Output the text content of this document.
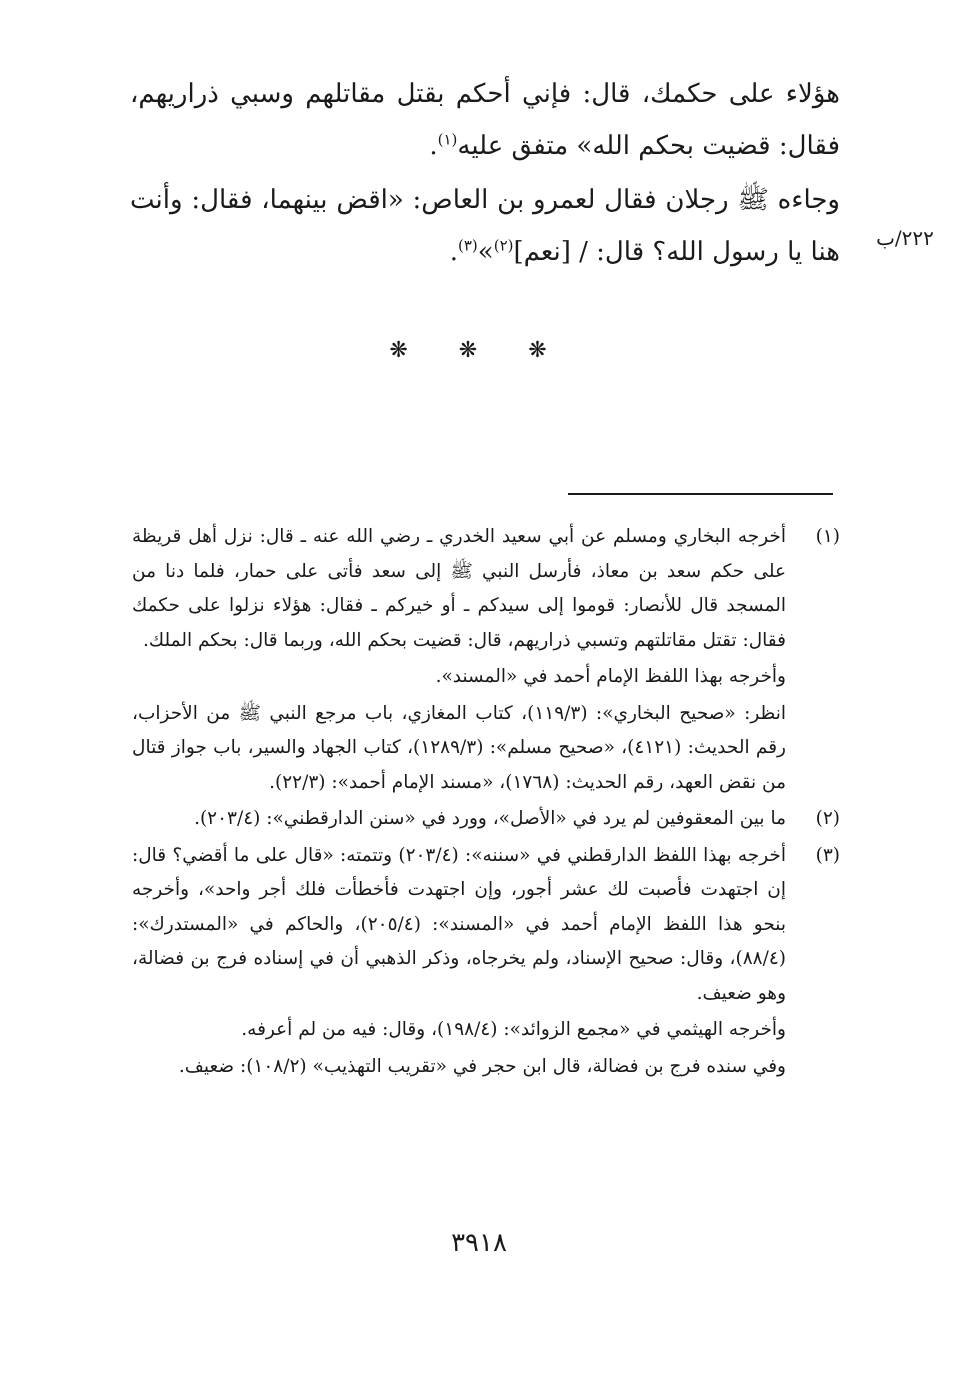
هؤلاء على حكمك، قال: فإني أحكم بقتل مقاتلهم وسبي ذراريهم، فقال: قضيت بحكم الله» متفق عليه$^{(١)}$.

وجاءه ﷺ رجلان فقال لعمرو بن العاص: «اقض بينهما، فقال: وأنت هنا يا رسول الله؟ قال: / [نعم]$^{(٢)}$»$^{(٣)}$.	٢٢٢/ب
❋ ❋ ❋
(١)

أخرجه البخاري ومسلم عن أبي سعيد الخدري ـ رضي الله عنه ـ قال: نزل أهل قريظة على حكم سعد بن معاذ، فأرسل النبي ﷺ إلى سعد فأتى على حمار، فلما دنا من المسجد قال للأنصار: قوموا إلى سيدكم ـ أو خيركم ـ فقال: هؤلاء نزلوا على حكمك فقال: تقتل مقاتلتهم وتسبي ذراريهم، قال: قضيت بحكم الله، وربما قال: بحكم الملك.

وأخرجه بهذا اللفظ الإمام أحمد في «المسند».

انظر: «صحيح البخاري»: (١١٩/٣)، كتاب المغازي، باب مرجع النبي ﷺ من الأحزاب، رقم الحديث: (٤١٢١)، «صحيح مسلم»: (١٢٨٩/٣)، كتاب الجهاد والسير، باب جواز قتال من نقض العهد، رقم الحديث: (١٧٦٨)، «مسند الإمام أحمد»: (٢٢/٣).

(٢)

ما بين المعقوفين لم يرد في «الأصل»، وورد في «سنن الدارقطني»: (٢٠٣/٤).

(٣)

أخرجه بهذا اللفظ الدارقطني في «سننه»: (٢٠٣/٤) وتتمته: «قال على ما أقضي؟ قال: إن اجتهدت فأصبت لك عشر أجور، وإن اجتهدت فأخطأت فلك أجر واحد»، وأخرجه بنحو هذا اللفظ الإمام أحمد في «المسند»: (٢٠٥/٤)، والحاكم في «المستدرك»: (٨٨/٤)، وقال: صحيح الإسناد، ولم يخرجاه، وذكر الذهبي أن في إسناده فرج بن فضالة، وهو ضعيف.

وأخرجه الهيثمي في «مجمع الزوائد»: (١٩٨/٤)، وقال: فيه من لم أعرفه.

وفي سنده فرج بن فضالة، قال ابن حجر في «تقريب التهذيب» (١٠٨/٢): ضعيف.

٣٩١٨
